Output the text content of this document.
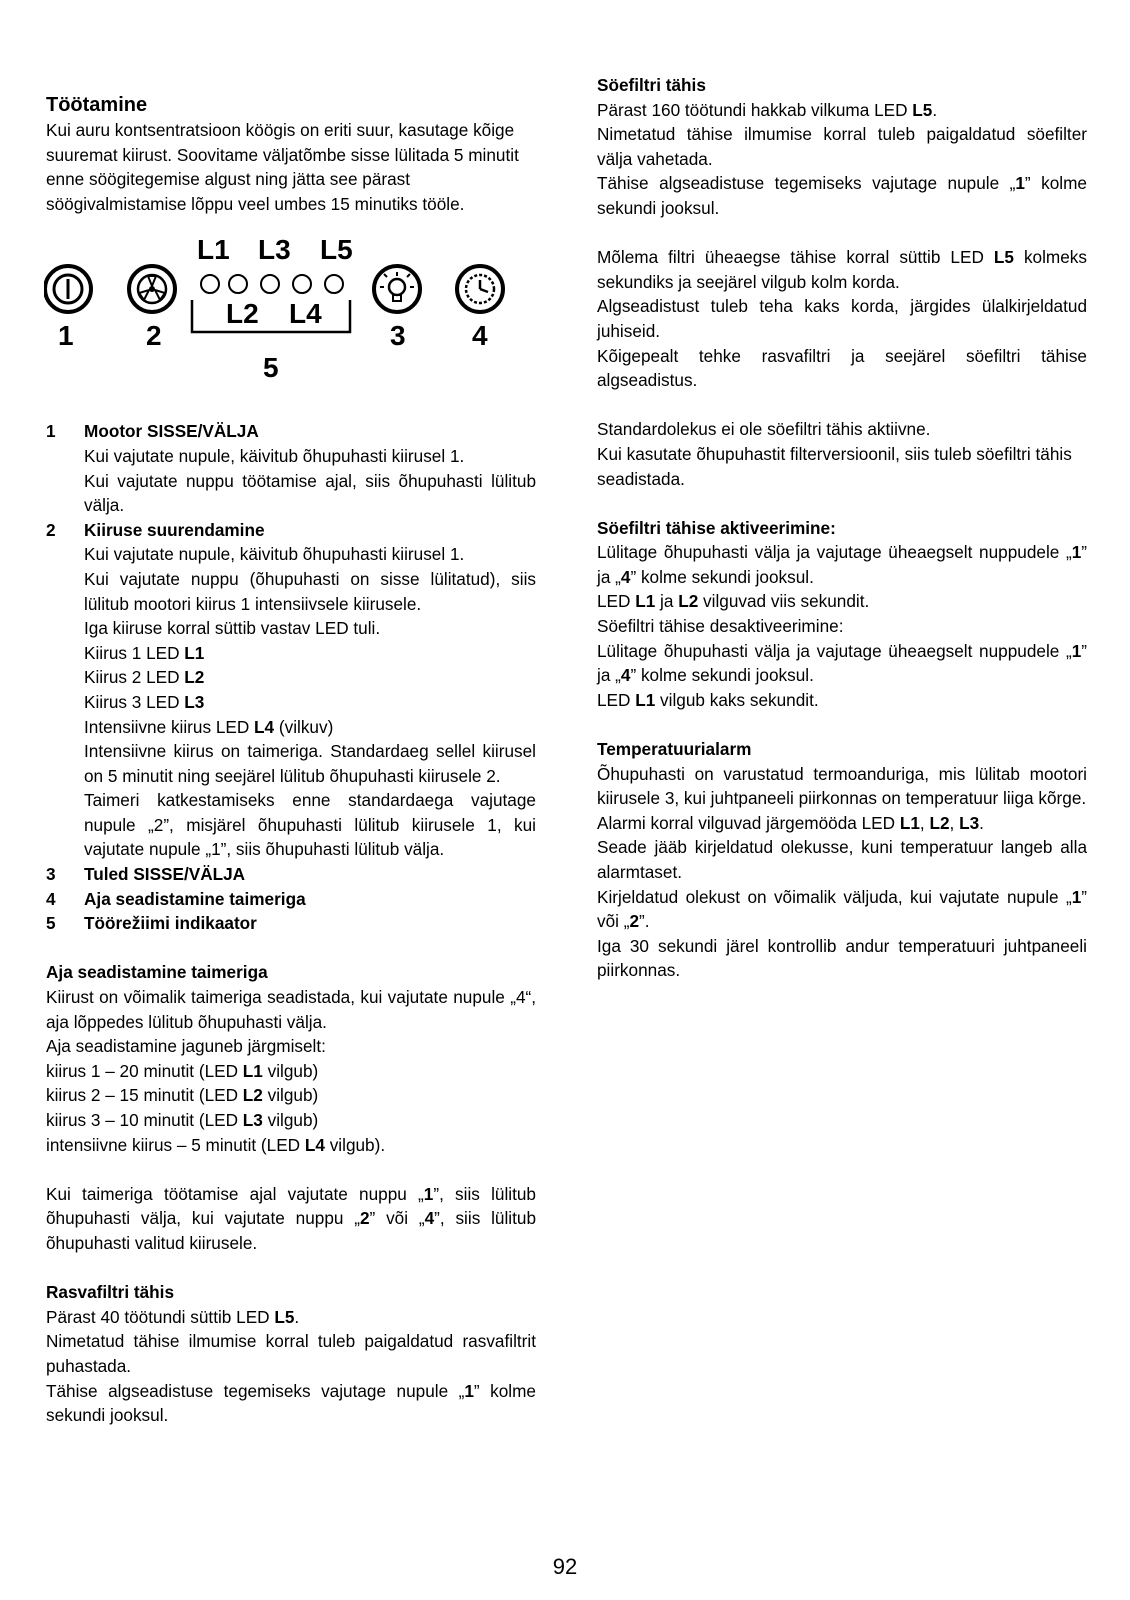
Töötamine

Kui auru kontsentratsioon köögis on eriti suur, kasutage kõige suuremat kiirust. Soovitame väljatõmbe sisse lülitada 5 minutit enne söögitegemise algust ning jätta see pärast söögivalmistamise lõppu veel umbes 15 minutiks tööle.

L1 L3 L5
L2 L4
1	2	3 4
5
1 Mootor SISSE/VÄLJA

Kui vajutate nupule, käivitub õhupuhasti kiirusel 1.

Kui vajutate nuppu töötamise ajal, siis õhupuhasti lülitub välja.

2 Kiiruse suurendamine

Kui vajutate nupule, käivitub õhupuhasti kiirusel 1.

Kui vajutate nuppu (õhupuhasti on sisse lülitatud), siis lülitub mootori kiirus 1 intensiivsele kiirusele.

Iga kiiruse korral süttib vastav LED tuli.

Kiirus 1 LED L1

Kiirus 2 LED L2

Kiirus 3 LED L3

Intensiivne kiirus LED L4 (vilkuv)

Intensiivne kiirus on taimeriga. Standardaeg sellel kiirusel on 5 minutit ning seejärel lülitub õhupuhasti kiirusele 2.

Taimeri katkestamiseks enne standardaega vajutage nupule „2”, misjärel õhupuhasti lülitub kiirusele 1, kui vajutate nupule „1”, siis õhupuhasti lülitub välja.

3 Tuled SISSE/VÄLJA

4 Aja seadistamine taimeriga

5 Töörežiimi indikaator

Aja seadistamine taimeriga

Kiirust on võimalik taimeriga seadistada, kui vajutate nupule „4“, aja lõppedes lülitub õhupuhasti välja.

Aja seadistamine jaguneb järgmiselt:

kiirus 1 – 20 minutit (LED L1 vilgub)

kiirus 2 – 15 minutit (LED L2 vilgub)

kiirus 3 – 10 minutit (LED L3 vilgub)

intensiivne kiirus – 5 minutit (LED L4 vilgub).

Kui taimeriga töötamise ajal vajutate nuppu „1”, siis lülitub õhupuhasti välja, kui vajutate nuppu „2” või „4”, siis lülitub õhupuhasti valitud kiirusele.

Rasvafiltri tähis

Pärast 40 töötundi süttib LED L5.

Nimetatud tähise ilmumise korral tuleb paigaldatud rasvafiltrit puhastada.

Tähise algseadistuse tegemiseks vajutage nupule „1” kolme sekundi jooksul.

Söefiltri tähis

Pärast 160 töötundi hakkab vilkuma LED L5.

Nimetatud tähise ilmumise korral tuleb paigaldatud söefilter välja vahetada.

Tähise algseadistuse tegemiseks vajutage nupule „1” kolme sekundi jooksul.

Mõlema filtri üheaegse tähise korral süttib LED L5 kolmeks sekundiks ja seejärel vilgub kolm korda.

Algseadistust tuleb teha kaks korda, järgides ülalkirjeldatud juhiseid.

Kõigepealt tehke rasvafiltri ja seejärel söefiltri tähise algseadistus.

Standardolekus ei ole söefiltri tähis aktiivne.

Kui kasutate õhupuhastit filterversioonil, siis tuleb söefiltri tähis seadistada.

Söefiltri tähise aktiveerimine:

Lülitage õhupuhasti välja ja vajutage üheaegselt nuppudele „1” ja „4” kolme sekundi jooksul.

LED L1 ja L2 vilguvad viis sekundit.

Söefiltri tähise desaktiveerimine:

Lülitage õhupuhasti välja ja vajutage üheaegselt nuppudele „1” ja „4” kolme sekundi jooksul.

LED L1 vilgub kaks sekundit.

Temperatuurialarm

Õhupuhasti on varustatud termoanduriga, mis lülitab mootori kiirusele 3, kui juhtpaneeli piirkonnas on temperatuur liiga kõrge.

Alarmi korral vilguvad järgemööda LED L1, L2, L3.

Seade jääb kirjeldatud olekusse, kuni temperatuur langeb alla alarmtaset.

Kirjeldatud olekust on võimalik väljuda, kui vajutate nupule „1” või „2”.

Iga 30 sekundi järel kontrollib andur temperatuuri juhtpaneeli piirkonnas.

92
